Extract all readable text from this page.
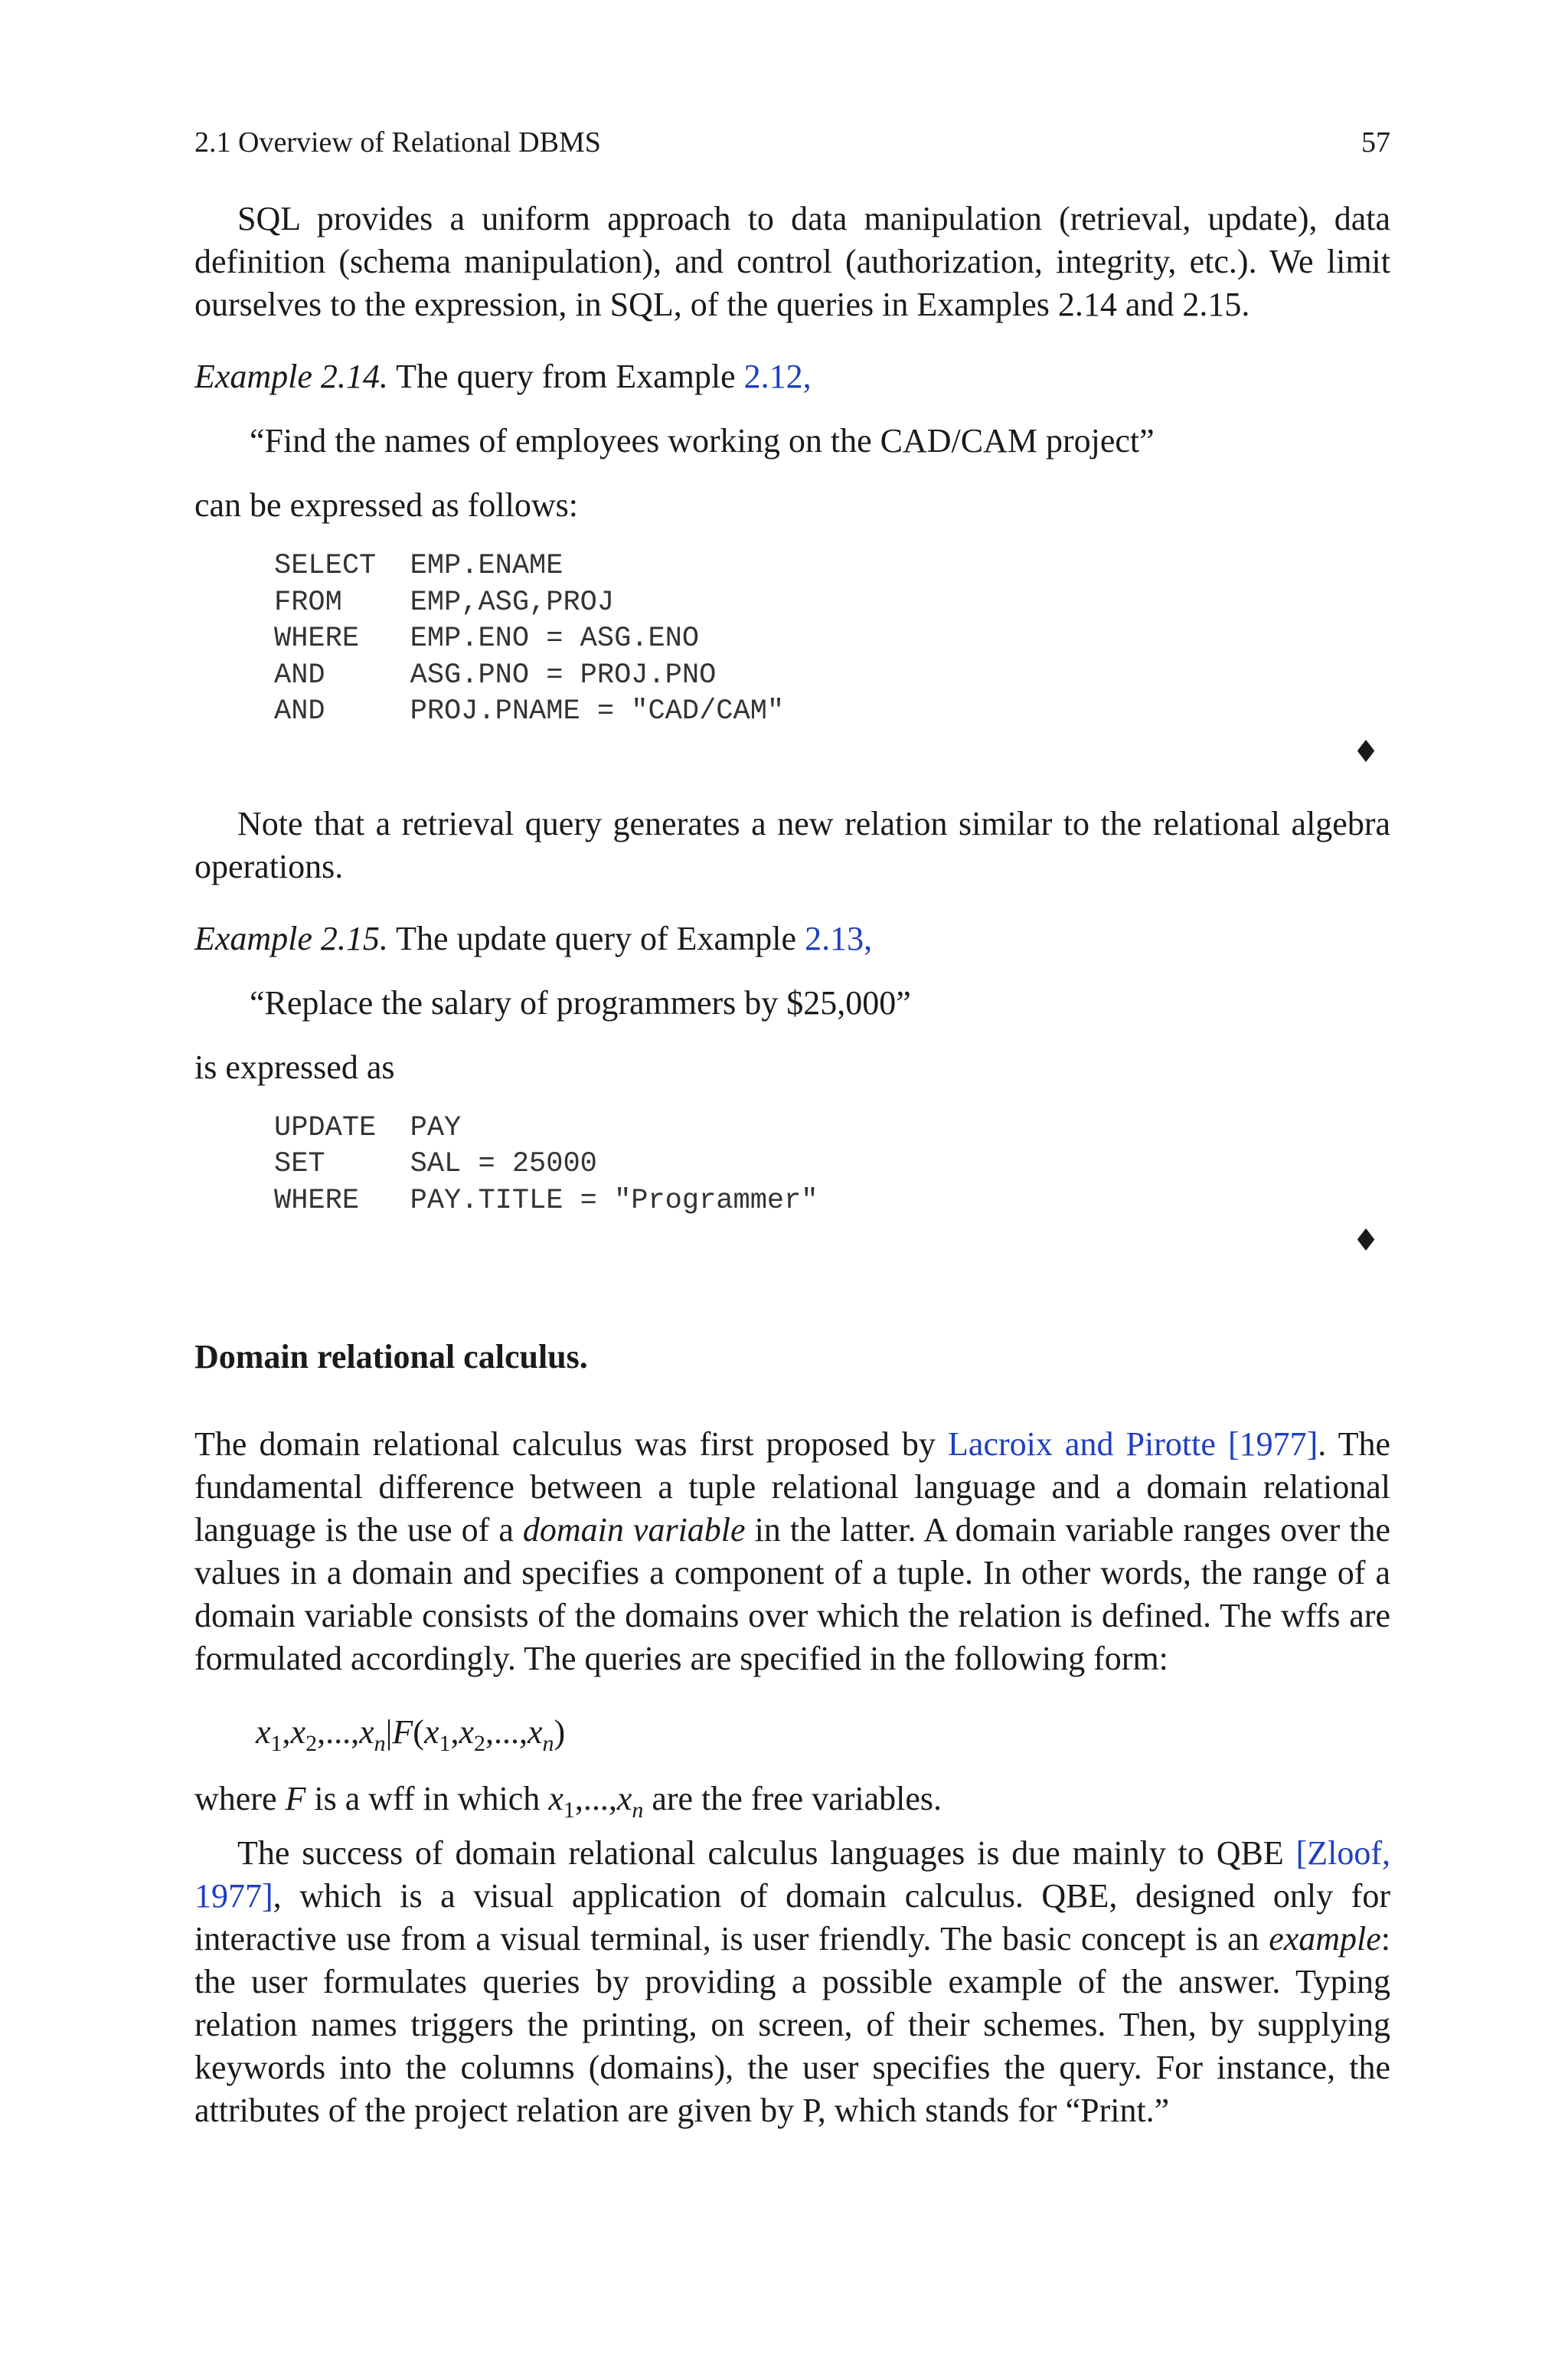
2.1 Overview of Relational DBMS	57

SQL provides a uniform approach to data manipulation (retrieval, update), data definition (schema manipulation), and control (authorization, integrity, etc.). We limit ourselves to the expression, in SQL, of the queries in Examples 2.14 and 2.15.

Example 2.14. The query from Example 2.12,

“Find the names of employees working on the CAD/CAM project”

can be expressed as follows:

SELECT  EMP.ENAME
FROM    EMP,ASG,PROJ
WHERE   EMP.ENO = ASG.ENO
AND     ASG.PNO = PROJ.PNO
AND     PROJ.PNAME = "CAD/CAM"
♦

Note that a retrieval query generates a new relation similar to the relational algebra operations.

Example 2.15. The update query of Example 2.13,

“Replace the salary of programmers by $25,000”

is expressed as

UPDATE  PAY
SET     SAL = 25000
WHERE   PAY.TITLE = "Programmer"
♦

Domain relational calculus.

The domain relational calculus was first proposed by Lacroix and Pirotte [1977]. The fundamental difference between a tuple relational language and a domain relational language is the use of a domain variable in the latter. A domain variable ranges over the values in a domain and specifies a component of a tuple. In other words, the range of a domain variable consists of the domains over which the relation is defined. The wffs are formulated accordingly. The queries are specified in the following form:

$x_1,x_2,...,x_n|F(x_1,x_2,...,x_n)$

where F is a wff in which $x_1,...,x_n$ are the free variables.

The success of domain relational calculus languages is due mainly to QBE [Zloof, 1977], which is a visual application of domain calculus. QBE, designed only for interactive use from a visual terminal, is user friendly. The basic concept is an example: the user formulates queries by providing a possible example of the answer. Typing relation names triggers the printing, on screen, of their schemes. Then, by supplying keywords into the columns (domains), the user specifies the query. For instance, the attributes of the project relation are given by P, which stands for “Print.”
